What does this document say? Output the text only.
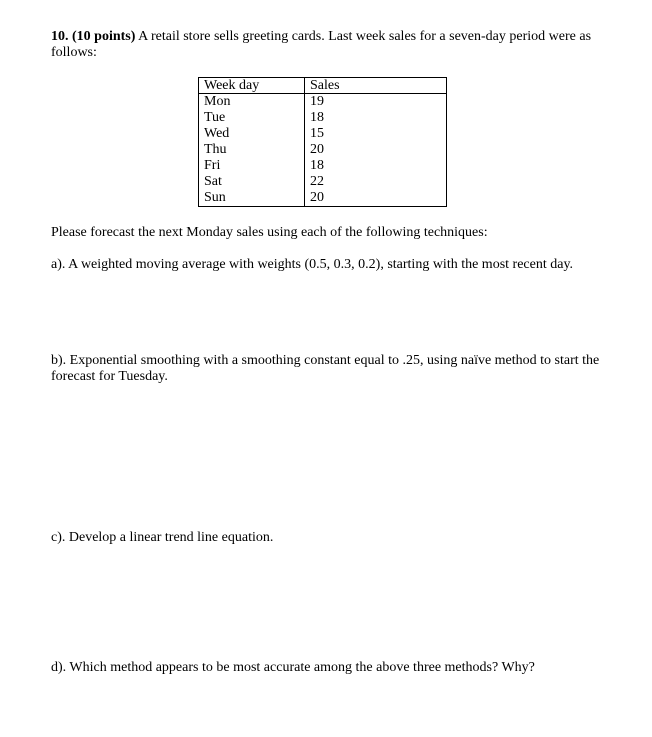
10. (10 points) A retail store sells greeting cards. Last week sales for a seven-day period were as follows:
Week day	Sales
Mon	19
Tue	18
Wed	15
Thu	20
Fri	18
Sat	22
Sun	20
Please forecast the next Monday sales using each of the following techniques:
a). A weighted moving average with weights (0.5, 0.3, 0.2), starting with the most recent day.
b). Exponential smoothing with a smoothing constant equal to .25, using naïve method to start the forecast for Tuesday.
c). Develop a linear trend line equation.
d). Which method appears to be most accurate among the above three methods? Why?
